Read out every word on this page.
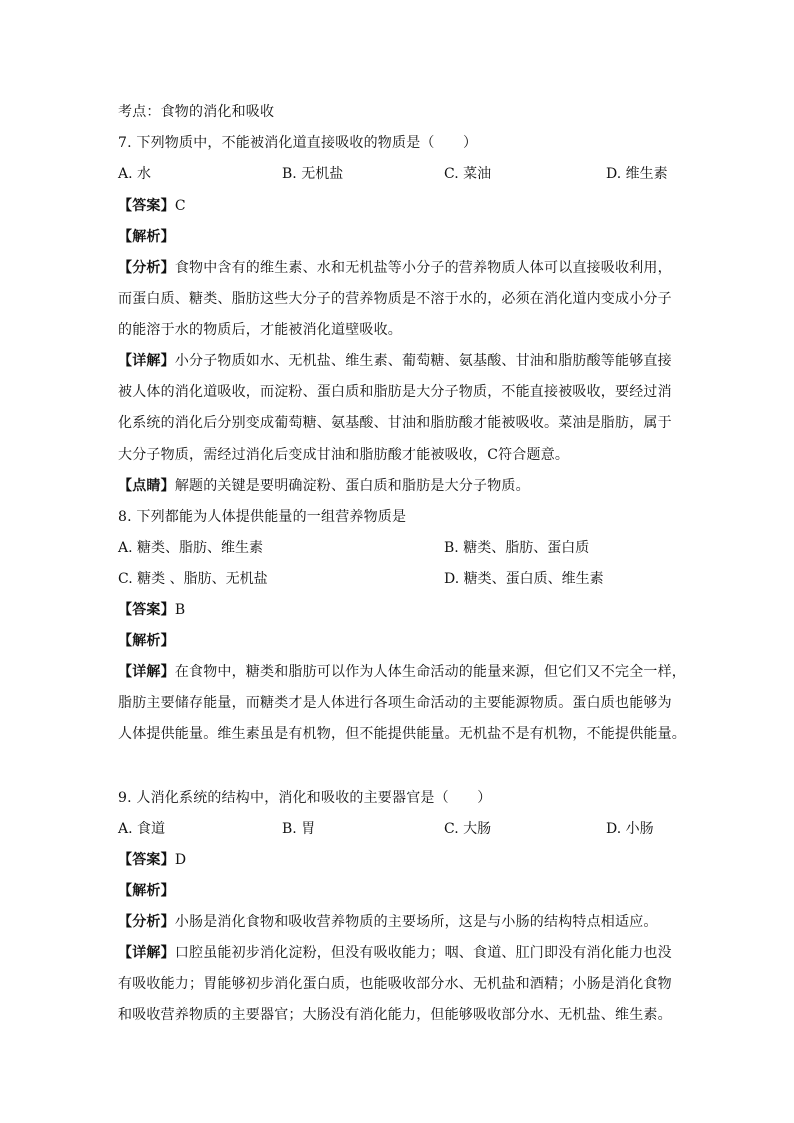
考点：食物的消化和吸收
7. 下列物质中，不能被消化道直接吸收的物质是（　　）
A. 水	B. 无机盐	C. 菜油	D. 维生素
【答案】C
【解析】
【分析】食物中含有的维生素、水和无机盐等小分子的营养物质人体可以直接吸收利用，
而蛋白质、糖类、脂肪这些大分子的营养物质是不溶于水的，必须在消化道内变成小分子
的能溶于水的物质后，才能被消化道壁吸收。
【详解】小分子物质如水、无机盐、维生素、葡萄糖、氨基酸、甘油和脂肪酸等能够直接
被人体的消化道吸收，而淀粉、蛋白质和脂肪是大分子物质，不能直接被吸收，要经过消
化系统的消化后分别变成葡萄糖、氨基酸、甘油和脂肪酸才能被吸收。菜油是脂肪，属于
大分子物质，需经过消化后变成甘油和脂肪酸才能被吸收，C符合题意。
【点睛】解题的关键是要明确淀粉、蛋白质和脂肪是大分子物质。
8. 下列都能为人体提供能量的一组营养物质是
A. 糖类、脂肪、维生素	B. 糖类、脂肪、蛋白质
C. 糖类 、脂肪、无机盐	D. 糖类、蛋白质、维生素
【答案】B
【解析】
【详解】在食物中，糖类和脂肪可以作为人体生命活动的能量来源，但它们又不完全一样，
脂肪主要储存能量，而糖类才是人体进行各项生命活动的主要能源物质。蛋白质也能够为
人体提供能量。维生素虽是有机物，但不能提供能量。无机盐不是有机物，不能提供能量。
9. 人消化系统的结构中，消化和吸收的主要器官是（　　）
A. 食道	B. 胃	C. 大肠	D. 小肠
【答案】D
【解析】
【分析】小肠是消化食物和吸收营养物质的主要场所，这是与小肠的结构特点相适应。
【详解】口腔虽能初步消化淀粉，但没有吸收能力；咽、食道、肛门即没有消化能力也没
有吸收能力；胃能够初步消化蛋白质，也能吸收部分水、无机盐和酒精；小肠是消化食物
和吸收营养物质的主要器官；大肠没有消化能力，但能够吸收部分水、无机盐、维生素。
